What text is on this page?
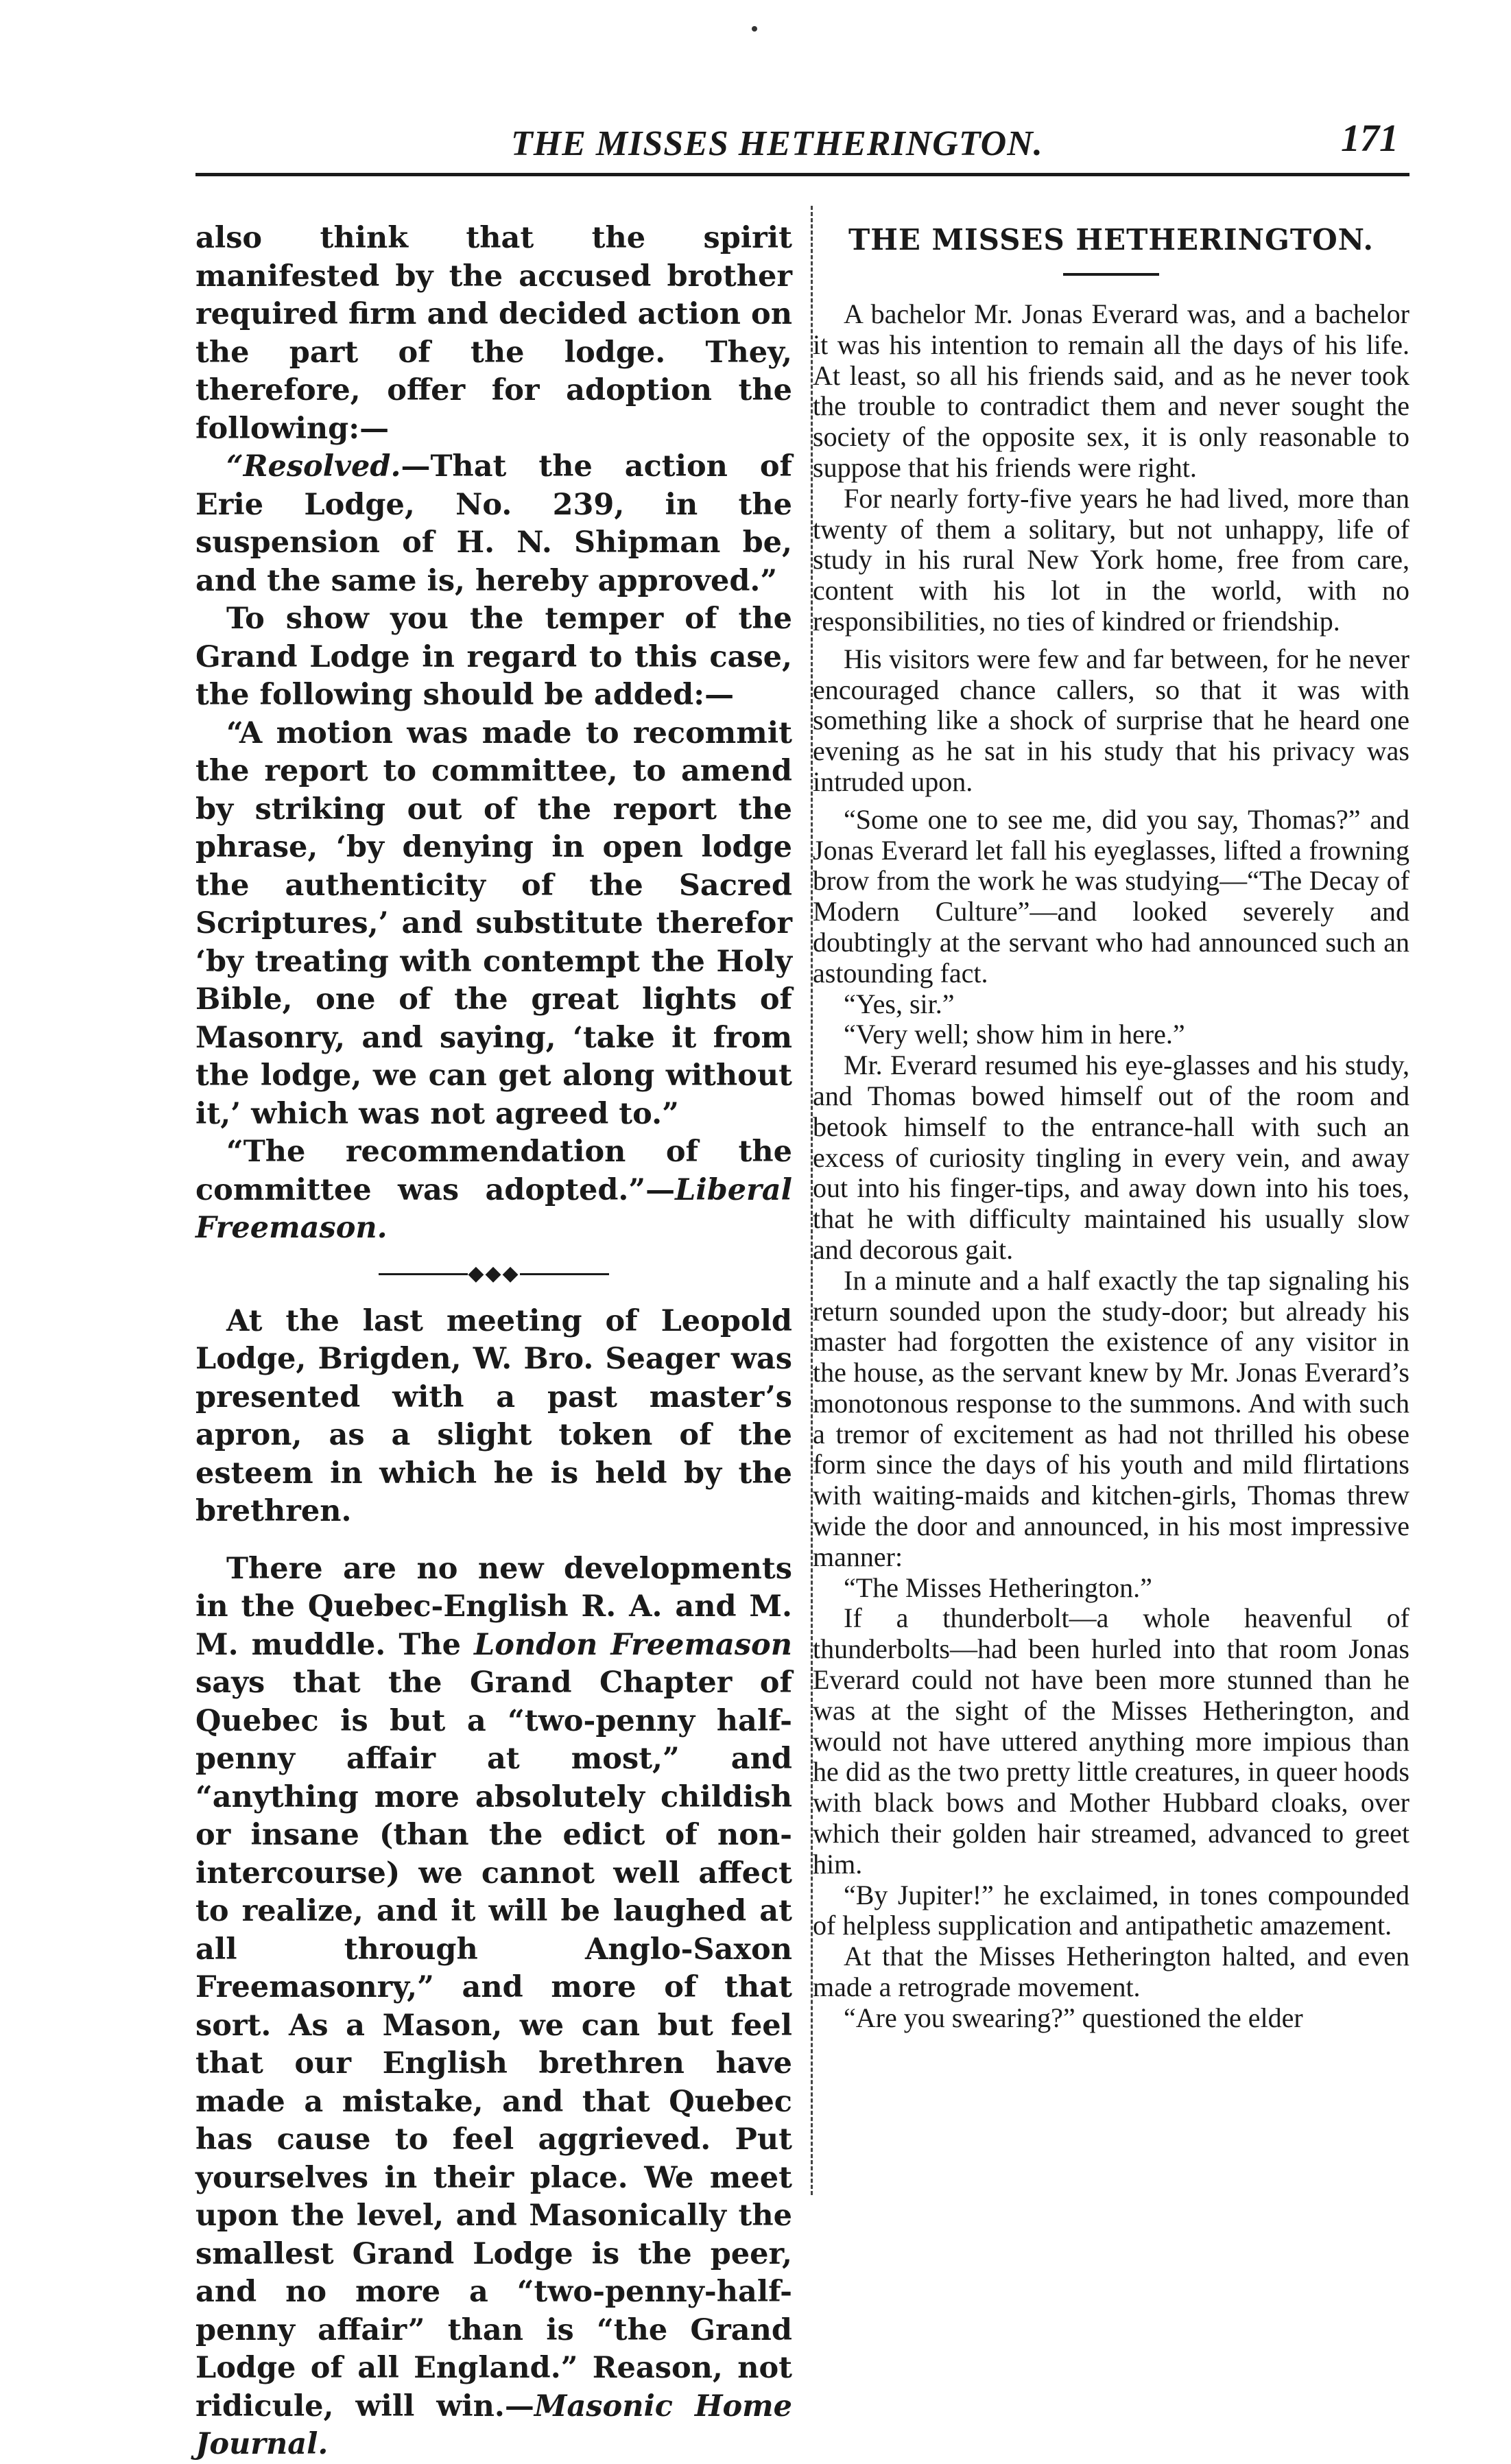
THE MISSES HETHERINGTON.	171

also think that the spirit manifested by the accused brother required firm and decided action on the part of the lodge. They, therefore, offer for adoption the following:—

“Resolved.—That the action of Erie Lodge, No. 239, in the suspension of H. N. Shipman be, and the same is, hereby approved.”

To show you the temper of the Grand Lodge in regard to this case, the following should be added:—

“A motion was made to recommit the report to committee, to amend by striking out of the report the phrase, ‘by denying in open lodge the authenticity of the Sacred Scriptures,’ and substitute therefor ‘by treating with contempt the Holy Bible, one of the great lights of Masonry, and saying, ‘take it from the lodge, we can get along without it,’ which was not agreed to.”

“The recommendation of the committee was adopted.”—Liberal Freemason.

◆◆◆

At the last meeting of Leopold Lodge, Brigden, W. Bro. Seager was presented with a past master’s apron, as a slight token of the esteem in which he is held by the brethren.

There are no new developments in the Quebec-English R. A. and M. M. muddle. The London Freemason says that the Grand Chapter of Quebec is but a “two-penny half-penny affair at most,” and “anything more absolutely childish or insane (than the edict of non-intercourse) we cannot well affect to realize, and it will be laughed at all through Anglo-Saxon Freemasonry,” and more of that sort. As a Mason, we can but feel that our English brethren have made a mistake, and that Quebec has cause to feel aggrieved. Put yourselves in their place. We meet upon the level, and Masonically the smallest Grand Lodge is the peer, and no more a “two-penny-half-penny affair” than is “the Grand Lodge of all England.” Reason, not ridicule, will win.—Masonic Home Journal.

THE MISSES HETHERINGTON.

A bachelor Mr. Jonas Everard was, and a bachelor it was his intention to remain all the days of his life. At least, so all his friends said, and as he never took the trouble to contradict them and never sought the society of the opposite sex, it is only reasonable to suppose that his friends were right.

For nearly forty-five years he had lived, more than twenty of them a solitary, but not unhappy, life of study in his rural New York home, free from care, content with his lot in the world, with no responsibilities, no ties of kindred or friendship.

His visitors were few and far between, for he never encouraged chance callers, so that it was with something like a shock of surprise that he heard one evening as he sat in his study that his privacy was intruded upon.

“Some one to see me, did you say, Thomas?” and Jonas Everard let fall his eyeglasses, lifted a frowning brow from the work he was studying—“The Decay of Modern Culture”—and looked severely and doubtingly at the servant who had announced such an astounding fact.

“Yes, sir.”

“Very well; show him in here.”

Mr. Everard resumed his eye-glasses and his study, and Thomas bowed himself out of the room and betook himself to the entrance-hall with such an excess of curiosity tingling in every vein, and away out into his finger-tips, and away down into his toes, that he with difficulty maintained his usually slow and decorous gait.

In a minute and a half exactly the tap signaling his return sounded upon the study-door; but already his master had forgotten the existence of any visitor in the house, as the servant knew by Mr. Jonas Everard’s monotonous response to the summons. And with such a tremor of excitement as had not thrilled his obese form since the days of his youth and mild flirtations with waiting-maids and kitchen-girls, Thomas threw wide the door and announced, in his most impressive manner:

“The Misses Hetherington.”

If a thunderbolt—a whole heavenful of thunderbolts—had been hurled into that room Jonas Everard could not have been more stunned than he was at the sight of the Misses Hetherington, and would not have uttered anything more impious than he did as the two pretty little creatures, in queer hoods with black bows and Mother Hubbard cloaks, over which their golden hair streamed, advanced to greet him.

“By Jupiter!” he exclaimed, in tones compounded of helpless supplication and antipathetic amazement.

At that the Misses Hetherington halted, and even made a retrograde movement.

“Are you swearing?” questioned the elder
